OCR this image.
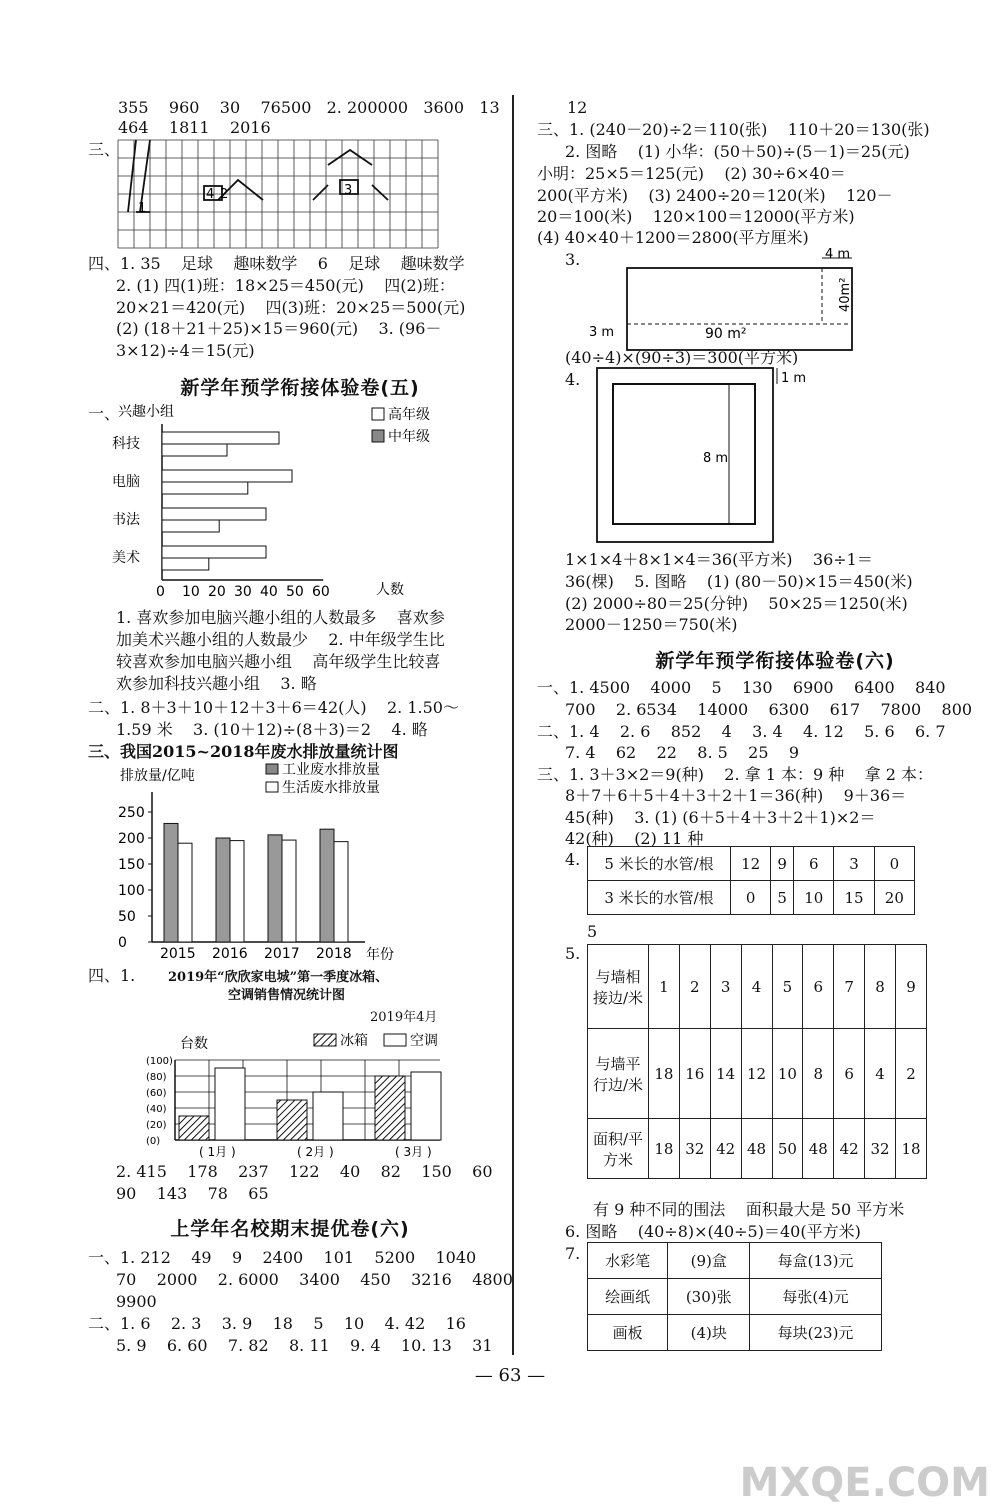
355    960    30    76500   2. 200000   3600   13
464    1811    2016
三、
1
4 2	3
四、1. 35    足球    趣味数学    6    足球    趣味数学
2. (1) 四(1)班：18×25＝450(元)    四(2)班：
20×21＝420(元)    四(3)班：20×25＝500(元)
(2) (18＋21＋25)×15＝960(元)    3. (96－
3×12)÷4＝15(元)
新学年预学衔接体验卷(五)
一、
兴趣小组	高年级
中年级
人数
0 10 20 30 40 50 60
科技
电脑
书法
美术
1. 喜欢参加电脑兴趣小组的人数最多    喜欢参
加美术兴趣小组的人数最少    2. 中年级学生比
较喜欢参加电脑兴趣小组    高年级学生比较喜
欢参加科技兴趣小组    3. 略
二、1. 8＋3＋10＋12＋3＋6＝42(人)    2. 1.50～
1.59 米    3. (10＋12)÷(8＋3)＝2    4. 略
三、我国2015~2018年废水排放量统计图
排放量/亿吨	工业废水排放量
生活废水排放量
年份
0
50
100
150
200
250
2015 2016 2017 2018
四、1.	2019年“欣欣家电城”第一季度冰箱、
空调销售情况统计图
2019年4月
台数	冰箱	空调
(0)
(20)
(40)
(60)
(80)
(100)
( 1月 )	( 2月 )	( 3月 )
2. 415    178    237    122    40    82    150    60
90    143    78    65
上学年名校期末提优卷(六)
一、1. 212    49    9    2400    101    5200    1040
70    2000    2. 6000    3400    450    3216    4800
9900
二、1. 6    2. 3    3. 9    18    5    10    4. 42    16
5. 9    6. 60    7. 82    8. 11    9. 4    10. 13    31
12
三、1. (240－20)÷2＝110(张)    110＋20＝130(张)
2. 图略    (1) 小华：(50＋50)÷(5－1)＝25(元)
小明：25×5＝125(元)    (2) 30÷6×40＝
200(平方米)    (3) 2400÷20＝120(米)    120－
20＝100(米)    120×100＝12000(平方米)
(4) 40×40＋1200＝2800(平方厘米)
3.	4 m
40m²
90 m²
3 m
(40÷4)×(90÷3)＝300(平方米)
4.	1 m
8 m
1×1×4＋8×1×4＝36(平方米)    36÷1＝
36(棵)    5. 图略    (1) (80－50)×15＝450(米)
(2) 2000÷80＝25(分钟)    50×25＝1250(米)
2000－1250＝750(米)
新学年预学衔接体验卷(六)
一、1. 4500    4000    5    130    6900    6400    840
700    2. 6534    14000    6300    617    7800    800
二、1. 4    2. 6    852    4    3. 4    4. 12    5. 6    6. 7
7. 4    62    22    8. 5    25    9
三、1. 3＋3×2＝9(种)    2. 拿 1 本：9 种    拿 2 本：
8＋7＋6＋5＋4＋3＋2＋1＝36(种)    9＋36＝
45(种)    3. (1) (6＋5＋4＋3＋2＋1)×2＝
42(种)    (2) 11 种
4. 5 米长的水管/根	12	9	6	3	0
3 米长的水管/根	0	5	10	15	20
5
5.
与墙相接边/米	1	2	3	4	5	6	7	8	9
与墙平行边/米	18	16	14	12	10	8	6	4	2
面积/平方米	18	32	42	48	50	48	42	32	18
有 9 种不同的围法    面积最大是 50 平方米
6. 图略    (40÷8)×(40÷5)＝40(平方米)
7. 水彩笔	(9)盒	每盒(13)元
绘画纸	(30)张	每张(4)元
画板	(4)块	每块(23)元
— 63 —
MXQE.COM
